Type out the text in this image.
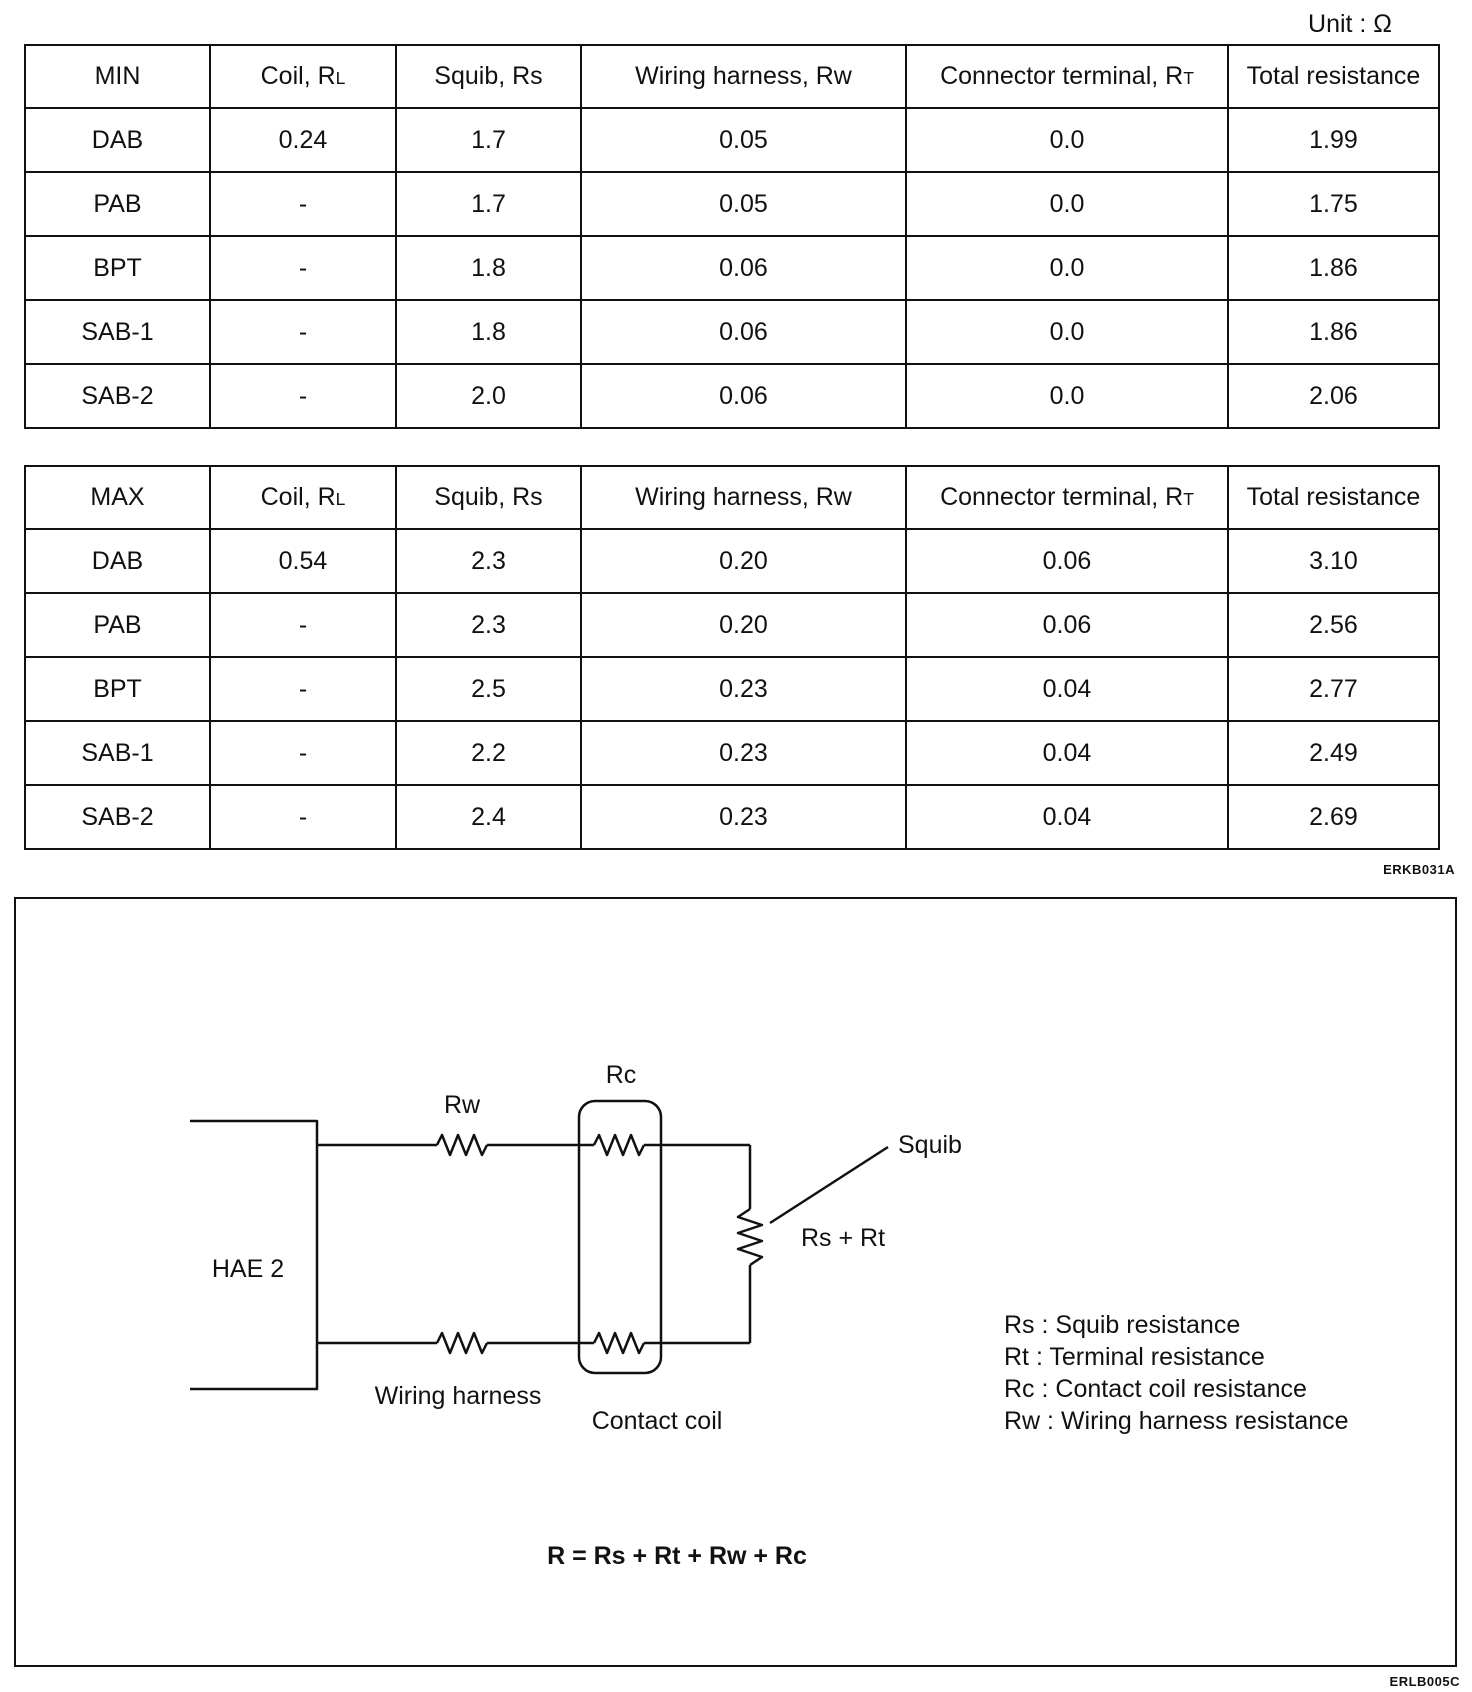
Unit : Ω
MIN	Coil, RL	Squib, Rs	Wiring harness, Rw	Connector terminal, RT	Total resistance
DAB	0.24	1.7	0.05	0.0	1.99
PAB	-	1.7	0.05	0.0	1.75
BPT	-	1.8	0.06	0.0	1.86
SAB-1	-	1.8	0.06	0.0	1.86
SAB-2	-	2.0	0.06	0.0	2.06
MAX	Coil, RL	Squib, Rs	Wiring harness, Rw	Connector terminal, RT	Total resistance
DAB	0.54	2.3	0.20	0.06	3.10
PAB	-	2.3	0.20	0.06	2.56
BPT	-	2.5	0.23	0.04	2.77
SAB-1	-	2.2	0.23	0.04	2.49
SAB-2	-	2.4	0.23	0.04	2.69
ERKB031A
HAE 2
Rw
Rc
Squib
Rs + Rt
Wiring harness
Contact coil
Rs : Squib resistance
Rt : Terminal resistance
Rc : Contact coil resistance
Rw : Wiring harness resistance
R = Rs + Rt + Rw + Rc
ERLB005C
